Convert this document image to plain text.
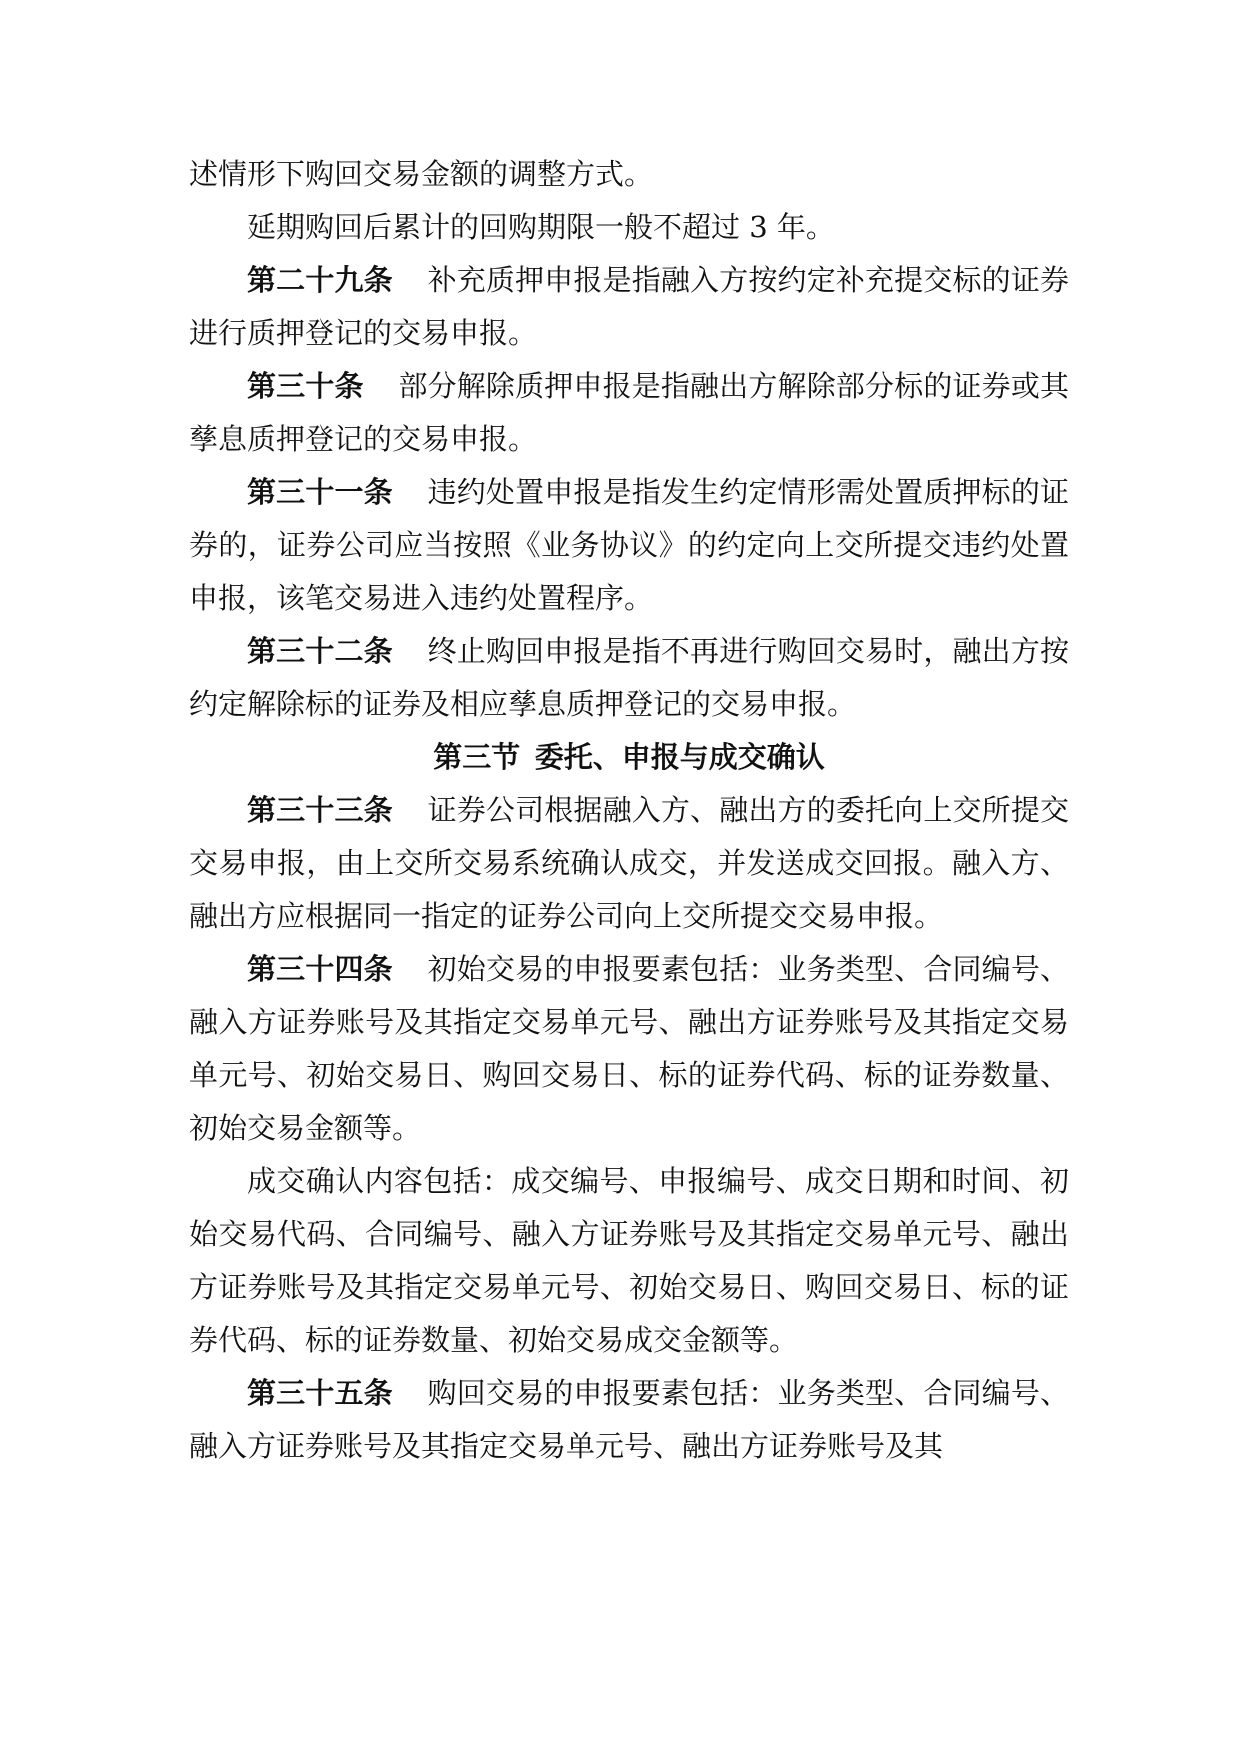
述情形下购回交易金额的调整方式。

延期购回后累计的回购期限一般不超过 3 年。

第二十九条 补充质押申报是指融入方按约定补充提交标的证券进行质押登记的交易申报。

第三十条 部分解除质押申报是指融出方解除部分标的证券或其孳息质押登记的交易申报。

第三十一条 违约处置申报是指发生约定情形需处置质押标的证券的，证券公司应当按照《业务协议》的约定向上交所提交违约处置申报，该笔交易进入违约处置程序。

第三十二条 终止购回申报是指不再进行购回交易时，融出方按约定解除标的证券及相应孳息质押登记的交易申报。

第三节 委托、申报与成交确认

第三十三条 证券公司根据融入方、融出方的委托向上交所提交交易申报，由上交所交易系统确认成交，并发送成交回报。融入方、融出方应根据同一指定的证券公司向上交所提交交易申报。

第三十四条 初始交易的申报要素包括：业务类型、合同编号、融入方证券账号及其指定交易单元号、融出方证券账号及其指定交易单元号、初始交易日、购回交易日、标的证券代码、标的证券数量、初始交易金额等。

成交确认内容包括：成交编号、申报编号、成交日期和时间、初始交易代码、合同编号、融入方证券账号及其指定交易单元号、融出方证券账号及其指定交易单元号、初始交易日、购回交易日、标的证券代码、标的证券数量、初始交易成交金额等。

第三十五条 购回交易的申报要素包括：业务类型、合同编号、融入方证券账号及其指定交易单元号、融出方证券账号及其
